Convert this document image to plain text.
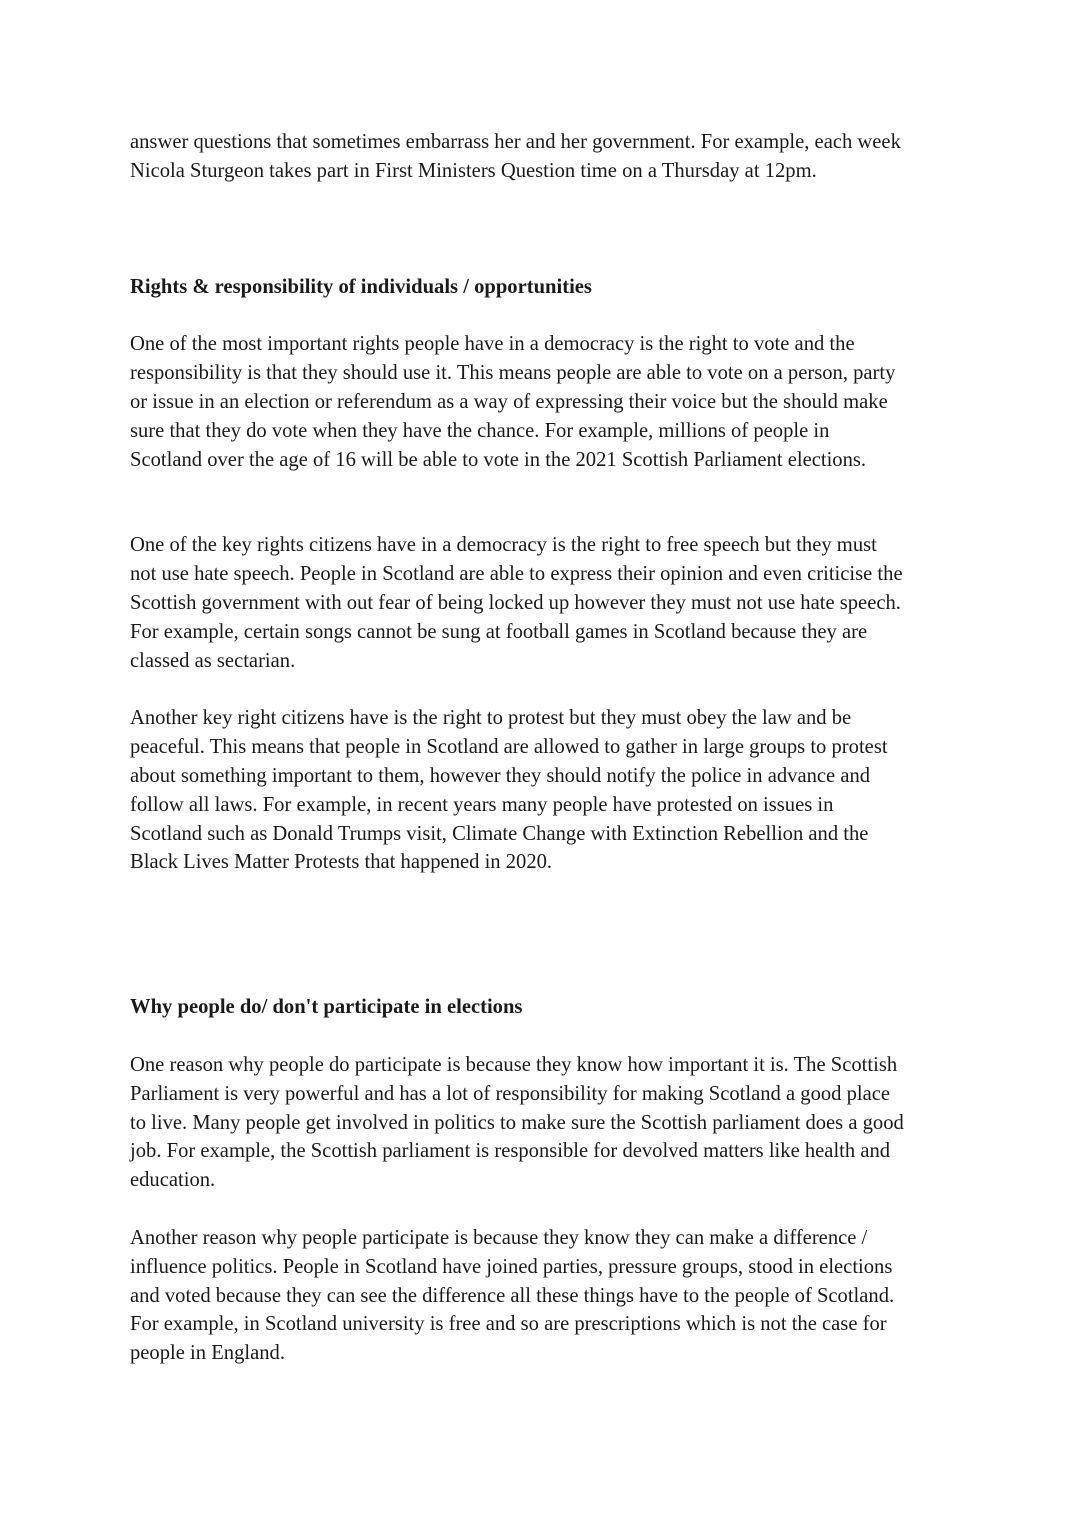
answer questions that sometimes embarrass her and her government. For example, each week
Nicola Sturgeon takes part in First Ministers Question time on a Thursday at 12pm.

Rights & responsibility of individuals / opportunities

One of the most important rights people have in a democracy is the right to vote and the
responsibility is that they should use it. This means people are able to vote on a person, party
or issue in an election or referendum as a way of expressing their voice but the should make
sure that they do vote when they have the chance. For example, millions of people in
Scotland over the age of 16 will be able to vote in the 2021 Scottish Parliament elections.

One of the key rights citizens have in a democracy is the right to free speech but they must
not use hate speech. People in Scotland are able to express their opinion and even criticise the
Scottish government with out fear of being locked up however they must not use hate speech.
For example, certain songs cannot be sung at football games in Scotland because they are
classed as sectarian.

Another key right citizens have is the right to protest but they must obey the law and be
peaceful. This means that people in Scotland are allowed to gather in large groups to protest
about something important to them, however they should notify the police in advance and
follow all laws. For example, in recent years many people have protested on issues in
Scotland such as Donald Trumps visit, Climate Change with Extinction Rebellion and the
Black Lives Matter Protests that happened in 2020.

Why people do/ don't participate in elections

One reason why people do participate is because they know how important it is. The Scottish
Parliament is very powerful and has a lot of responsibility for making Scotland a good place
to live. Many people get involved in politics to make sure the Scottish parliament does a good
job. For example, the Scottish parliament is responsible for devolved matters like health and
education.

Another reason why people participate is because they know they can make a difference /
influence politics. People in Scotland have joined parties, pressure groups, stood in elections
and voted because they can see the difference all these things have to the people of Scotland.
For example, in Scotland university is free and so are prescriptions which is not the case for
people in England.
